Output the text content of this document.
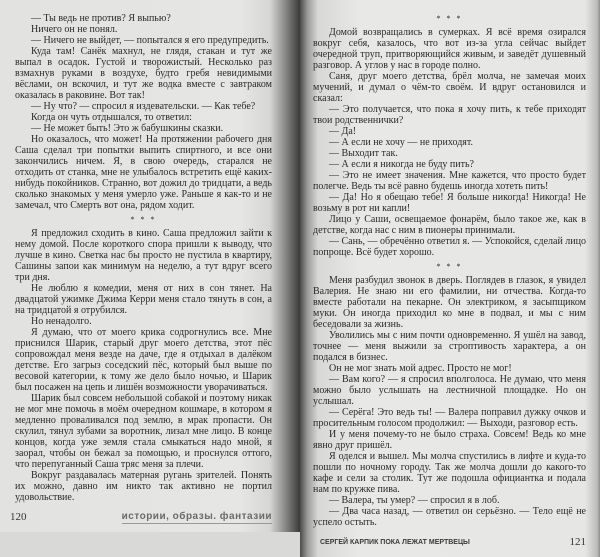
— Ты ведь не против? Я выпью?

Ничего он не понял.

— Ничего не выйдет, — попытался я его предупредить.

Куда там! Санёк махнул, не глядя, стакан и тут же выпал в осадок. Густой и творожистый. Несколько раз взмахнув руками в воздухе, будто гребя невидимыми вёслами, он вскочил, и тут же водка вместе с завтраком оказалась в раковине. Вот так!

— Ну что? — спросил я издевательски. — Как тебе?

Когда он чуть отдышался, то ответил:

— Не может быть! Это ж бабушкины сказки.

Но оказалось, что может! На протяжении рабочего дня Саша сделал три попытки выпить спиртного, и все они закончились ничем. Я, в свою очередь, старался не отходить от станка, мне не улыбалось встретить ещё каких-нибудь покойников. Странно, вот дожил до тридцати, а ведь сколько знакомых у меня умерло уже. Раньше я как-то и не замечал, что Смерть вот она, рядом ходит.

* * *

Я предложил сходить в кино. Саша предложил зайти к нему домой. После короткого спора пришли к выводу, что лучше в кино. Светка нас бы просто не пустила в квартиру, Сашины запои как минимум на неделю, а тут вдруг всего три дня.

Не люблю я комедии, меня от них в сон тянет. На двадцатой ужимке Джима Керри меня стало тянуть в сон, а на тридцатой я отрубился.

Но ненадолго.

Я думаю, что от моего крика содрогнулись все. Мне приснился Шарик, старый друг моего детства, этот пёс сопровождал меня везде на даче, где я отдыхал в далёком детстве. Его загрыз соседский пёс, который был выше по весовой категории, к тому же дело было ночью, и Шарик был посажен на цепь и лишён возможности уворачиваться.

Шарик был совсем небольшой собакой и поэтому никак не мог мне помочь в моём очередном кошмаре, в котором я медленно проваливался под землю, в мрак пропасти. Он скулил, тянул зубами за воротник, лизал мне лицо. В конце концов, когда уже земля стала смыкаться надо мной, я заорал, чтобы он бежал за помощью, и проснулся оттого, что перепуганный Саша тряс меня за плечи.

Вокруг раздавалась матерная ругань зрителей. Понять их можно, давно им никто так активно не портил удовольствие.

120	истории, образы. фантазии

* * *

Домой возвращались в сумерках. Я всё время озирался вокруг себя, казалось, что вот из-за угла сейчас выйдет очередной труп, притворяющийся живым, и заведёт душевный разговор. А углов у нас в городе полно.

Саня, друг моего детства, брёл молча, не замечая моих мучений, и думал о чём-то своём. И вдруг остановился и сказал:

— Это получается, что пока я хочу пить, к тебе приходят твои родственнички?

— Да!

— А если не хочу — не приходят.

— Выходит так.

— А если я никогда не буду пить?

— Это не имеет значения. Мне кажется, что просто будет полегче. Ведь ты всё равно будешь иногда хотеть пить!

— Да! Но я обещаю тебе! Я больше никогда! Никогда! Не возьму в рот ни капли!

Лицо у Саши, освещаемое фонарём, было такое же, как в детстве, когда нас с ним в пионеры принимали.

— Сань, — обречённо ответил я. — Успокойся, сделай лицо попроще. Всё будет хорошо.

* * *

Меня разбудил звонок в дверь. Поглядев в глазок, я увидел Валерия. Не знаю ни его фамилии, ни отчества. Когда-то вместе работали на пекарне. Он электриком, я засыпщиком муки. Он иногда приходил ко мне в подвал, и мы с ним беседовали за жизнь.

Уволились мы с ним почти одновременно. Я ушёл на завод, точнее — меня выжили за строптивость характера, а он подался в бизнес.

Он не мог знать мой адрес. Просто не мог!

— Вам кого? — я спросил вполголоса. Не думаю, что меня можно было услышать на лестничной площадке. Но он услышал.

— Серёга! Это ведь ты! — Валера поправил дужку очков и просительным голосом продолжил: — Выходи, разговор есть.

И у меня почему-то не было страха. Совсем! Ведь ко мне явно друг пришёл.

Я оделся и вышел. Мы молча спустились в лифте и куда-то пошли по ночному городу. Так же молча дошли до какого-то кафе и сели за столик. Тут же подошла официантка и подала нам по кружке пива.

— Валера, ты умер? — спросил я в лоб.

— Два часа назад, — ответил он серьёзно. — Тело ещё не успело остыть.

СЕРГЕЙ КАРПИК ПОКА ЛЕЖАТ МЕРТВЕЦЫ	121
